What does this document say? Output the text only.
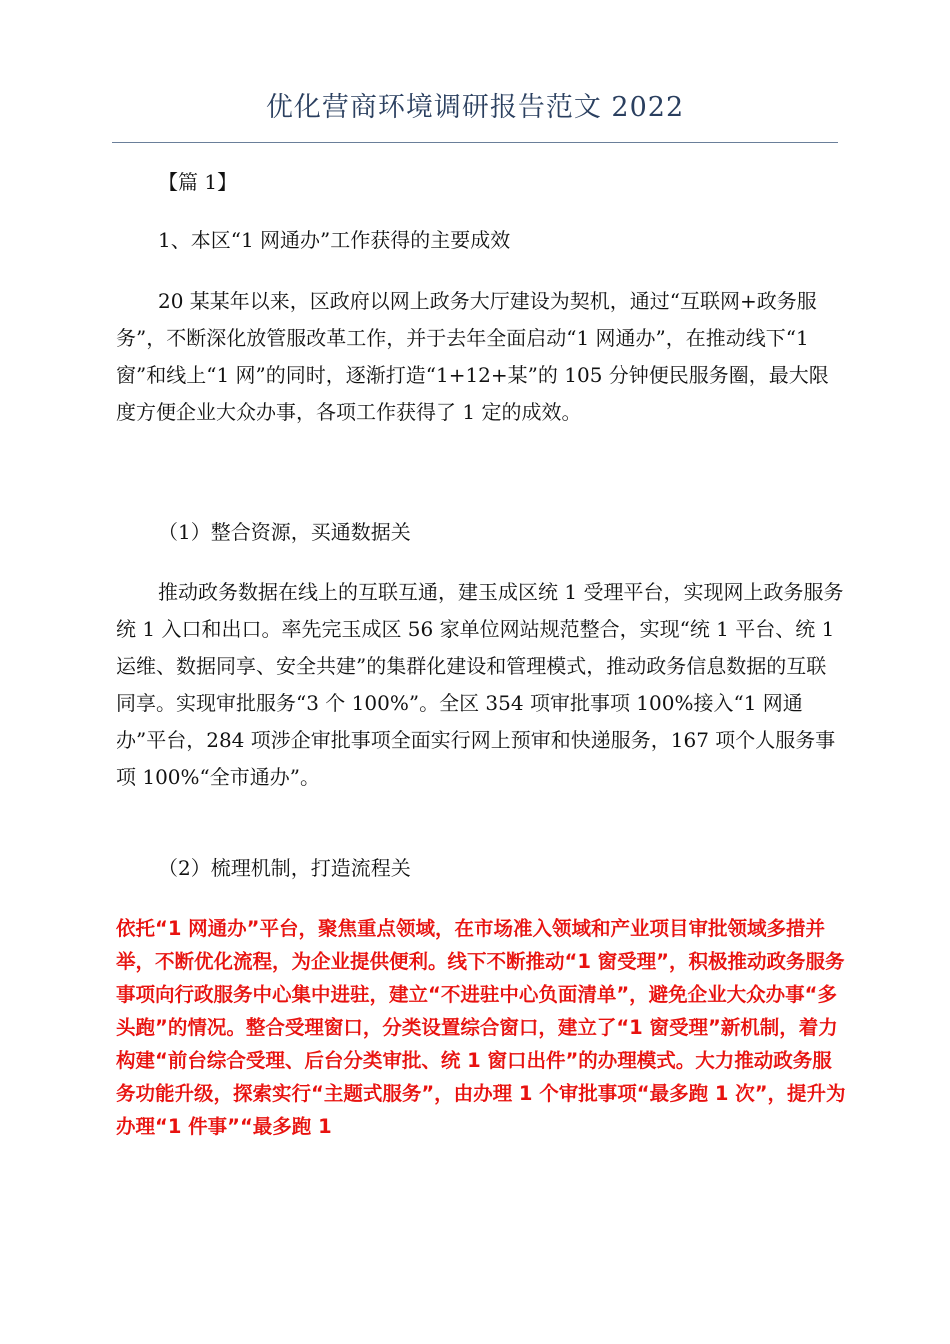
优化营商环境调研报告范文 2022

【篇 1】

1、本区“1 网通办”工作获得的主要成效

20 某某年以来，区政府以网上政务大厅建设为契机，通过“互联网+政务服务”，不断深化放管服改革工作，并于去年全面启动“1 网通办”，在推动线下“1 窗”和线上“1 网”的同时，逐渐打造“1+12+某”的 105 分钟便民服务圈，最大限度方便企业大众办事，各项工作获得了 1 定的成效。

（1）整合资源，买通数据关

推动政务数据在线上的互联互通，建玉成区统 1 受理平台，实现网上政务服务统 1 入口和出口。率先完玉成区 56 家单位网站规范整合，实现“统 1 平台、统 1 运维、数据同享、安全共建”的集群化建设和管理模式，推动政务信息数据的互联同享。实现审批服务“3 个 100%”。全区 354 项审批事项 100%接入“1 网通办”平台，284 项涉企审批事项全面实行网上预审和快递服务，167 项个人服务事项 100%“全市通办”。

（2）梳理机制，打造流程关

依托“1 网通办”平台，聚焦重点领域，在市场准入领域和产业项目审批领域多措并举，不断优化流程，为企业提供便利。线下不断推动“1 窗受理”，积极推动政务服务事项向行政服务中心集中进驻，建立“不进驻中心负面清单”，避免企业大众办事“多头跑”的情况。整合受理窗口，分类设置综合窗口，建立了“1 窗受理”新机制，着力构建“前台综合受理、后台分类审批、统 1 窗口出件”的办理模式。大力推动政务服务功能升级，探索实行“主题式服务”，由办理 1 个审批事项“最多跑 1 次”，提升为办理“1 件事”“最多跑 1
